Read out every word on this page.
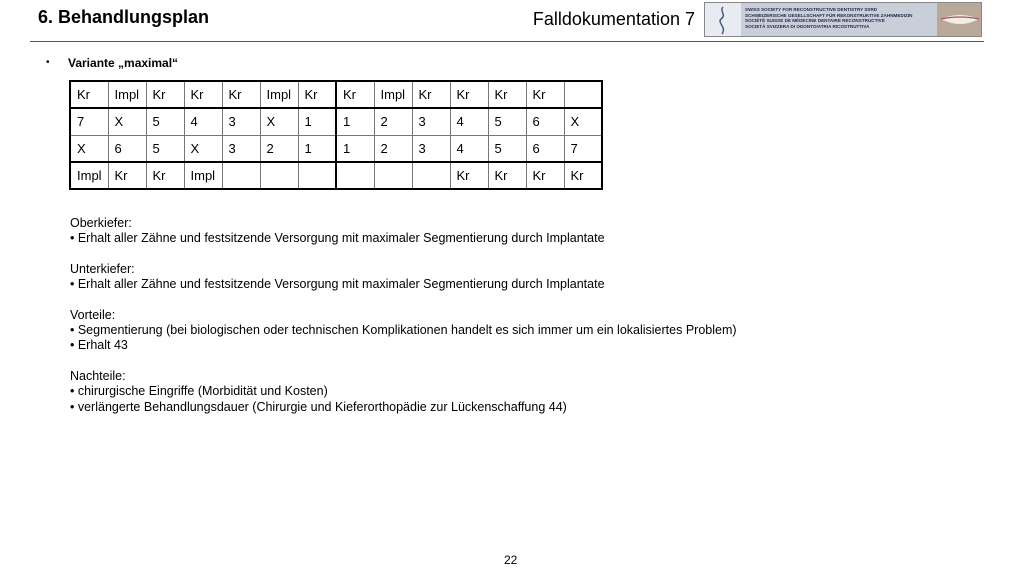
6. Behandlungsplan	Falldokumentation 7	SWISS SOCIETY FOR RECONSTRUCTIVE DENTISTRY SSRD
SCHWEIZERISCHE GESELLSCHAFT FÜR REKONSTRUKTIVE ZAHNMEDIZIN
SOCIÉTÉ SUISSE DE MÉDECINE DENTAIRE RECONSTRUCTIVE
SOCIETÀ SVIZZERA DI ODONTOIATRIA RICOSTRUTTIVA
• Variante „maximal“
Kr	Impl	Kr	Kr	Kr	Impl	Kr	Kr	Impl	Kr	Kr	Kr	Kr	
7	X	5	4	3	X	1	1	2	3	4	5	6	X
X	6	5	X	3	2	1	1	2	3	4	5	6	7
Impl	Kr	Kr	Impl							Kr	Kr	Kr	Kr
Oberkiefer:
• Erhalt aller Zähne und festsitzende Versorgung mit maximaler Segmentierung durch Implantate
Unterkiefer:
• Erhalt aller Zähne und festsitzende Versorgung mit maximaler Segmentierung durch Implantate
Vorteile:
• Segmentierung (bei biologischen oder technischen Komplikationen handelt es sich immer um ein lokalisiertes Problem)
• Erhalt 43
Nachteile:
• chirurgische Eingriffe (Morbidität und Kosten)
• verlängerte Behandlungsdauer (Chirurgie und Kieferorthopädie zur Lückenschaffung 44)
22
